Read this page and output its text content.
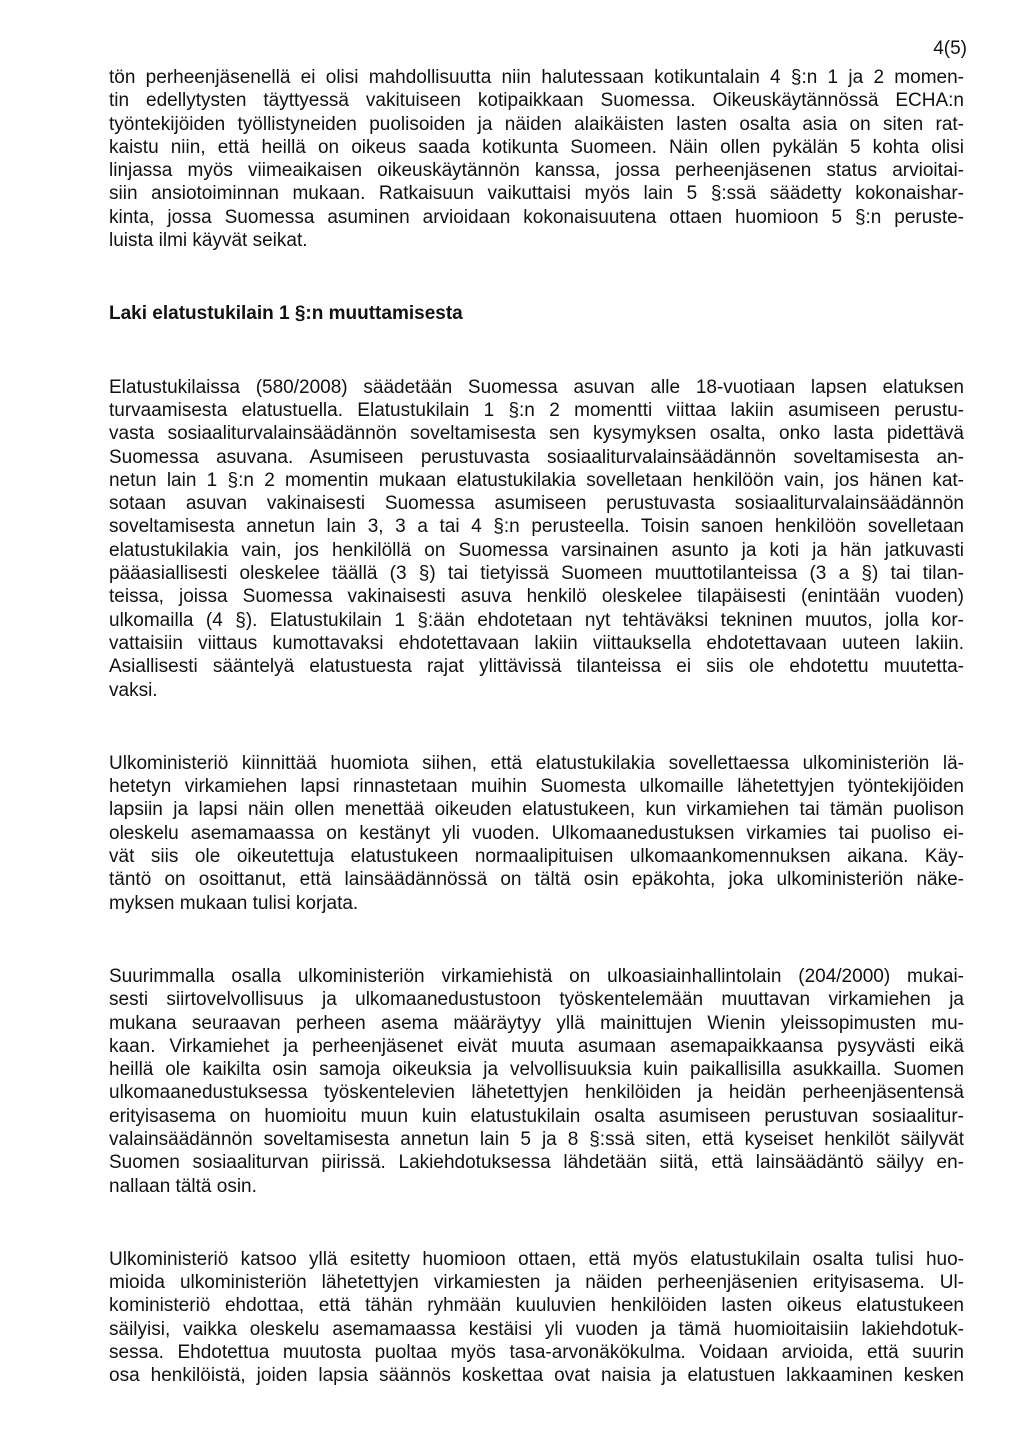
4(5)
tön perheenjäsenellä ei olisi mahdollisuutta niin halutessaan kotikuntalain 4 §:n 1 ja 2 momen-
tin edellytysten täyttyessä vakituiseen kotipaikkaan Suomessa. Oikeuskäytännössä ECHA:n
työntekijöiden työllistyneiden puolisoiden ja näiden alaikäisten lasten osalta asia on siten rat-
kaistu niin, että heillä on oikeus saada kotikunta Suomeen. Näin ollen pykälän 5 kohta olisi
linjassa myös viimeaikaisen oikeuskäytännön kanssa, jossa perheenjäsenen status arvioitai-
siin ansiotoiminnan mukaan. Ratkaisuun vaikuttaisi myös lain 5 §:ssä säädetty kokonaishar-
kinta, jossa Suomessa asuminen arvioidaan kokonaisuutena ottaen huomioon 5 §:n peruste-
luista ilmi käyvät seikat.
Laki elatustukilain 1 §:n muuttamisesta
Elatustukilaissa (580/2008) säädetään Suomessa asuvan alle 18-vuotiaan lapsen elatuksen
turvaamisesta elatustuella. Elatustukilain 1 §:n 2 momentti viittaa lakiin asumiseen perustu-
vasta sosiaaliturvalainsäädännön soveltamisesta sen kysymyksen osalta, onko lasta pidettävä
Suomessa asuvana. Asumiseen perustuvasta sosiaaliturvalainsäädännön soveltamisesta an-
netun lain 1 §:n 2 momentin mukaan elatustukilakia sovelletaan henkilöön vain, jos hänen kat-
sotaan asuvan vakinaisesti Suomessa asumiseen perustuvasta sosiaaliturvalainsäädännön
soveltamisesta annetun lain 3, 3 a tai 4 §:n perusteella. Toisin sanoen henkilöön sovelletaan
elatustukilakia vain, jos henkilöllä on Suomessa varsinainen asunto ja koti ja hän jatkuvasti
pääasiallisesti oleskelee täällä (3 §) tai tietyissä Suomeen muuttotilanteissa (3 a §) tai tilan-
teissa, joissa Suomessa vakinaisesti asuva henkilö oleskelee tilapäisesti (enintään vuoden)
ulkomailla (4 §). Elatustukilain 1 §:ään ehdotetaan nyt tehtäväksi tekninen muutos, jolla kor-
vattaisiin viittaus kumottavaksi ehdotettavaan lakiin viittauksella ehdotettavaan uuteen lakiin.
Asiallisesti sääntelyä elatustuesta rajat ylittävissä tilanteissa ei siis ole ehdotettu muutetta-
vaksi.
Ulkoministeriö kiinnittää huomiota siihen, että elatustukilakia sovellettaessa ulkoministeriön lä-
hetetyn virkamiehen lapsi rinnastetaan muihin Suomesta ulkomaille lähetettyjen työntekijöiden
lapsiin ja lapsi näin ollen menettää oikeuden elatustukeen, kun virkamiehen tai tämän puolison
oleskelu asemamaassa on kestänyt yli vuoden. Ulkomaanedustuksen virkamies tai puoliso ei-
vät siis ole oikeutettuja elatustukeen normaalipituisen ulkomaankomennuksen aikana. Käy-
täntö on osoittanut, että lainsäädännössä on tältä osin epäkohta, joka ulkoministeriön näke-
myksen mukaan tulisi korjata.
Suurimmalla osalla ulkoministeriön virkamiehistä on ulkoasiainhallintolain (204/2000) mukai-
sesti siirtovelvollisuus ja ulkomaanedustustoon työskentelemään muuttavan virkamiehen ja
mukana seuraavan perheen asema määräytyy yllä mainittujen Wienin yleissopimusten mu-
kaan. Virkamiehet ja perheenjäsenet eivät muuta asumaan asemapaikkaansa pysyvästi eikä
heillä ole kaikilta osin samoja oikeuksia ja velvollisuuksia kuin paikallisilla asukkailla. Suomen
ulkomaanedustuksessa työskentelevien lähetettyjen henkilöiden ja heidän perheenjäsentensä
erityisasema on huomioitu muun kuin elatustukilain osalta asumiseen perustuvan sosiaalitur-
valainsäädännön soveltamisesta annetun lain 5 ja 8 §:ssä siten, että kyseiset henkilöt säilyvät
Suomen sosiaaliturvan piirissä. Lakiehdotuksessa lähdetään siitä, että lainsäädäntö säilyy en-
nallaan tältä osin.
Ulkoministeriö katsoo yllä esitetty huomioon ottaen, että myös elatustukilain osalta tulisi huo-
mioida ulkoministeriön lähetettyjen virkamiesten ja näiden perheenjäsenien erityisasema. Ul-
koministeriö ehdottaa, että tähän ryhmään kuuluvien henkilöiden lasten oikeus elatustukeen
säilyisi, vaikka oleskelu asemamaassa kestäisi yli vuoden ja tämä huomioitaisiin lakiehdotuk-
sessa. Ehdotettua muutosta puoltaa myös tasa-arvonäkökulma. Voidaan arvioida, että suurin
osa henkilöistä, joiden lapsia säännös koskettaa ovat naisia ja elatustuen lakkaaminen kesken
